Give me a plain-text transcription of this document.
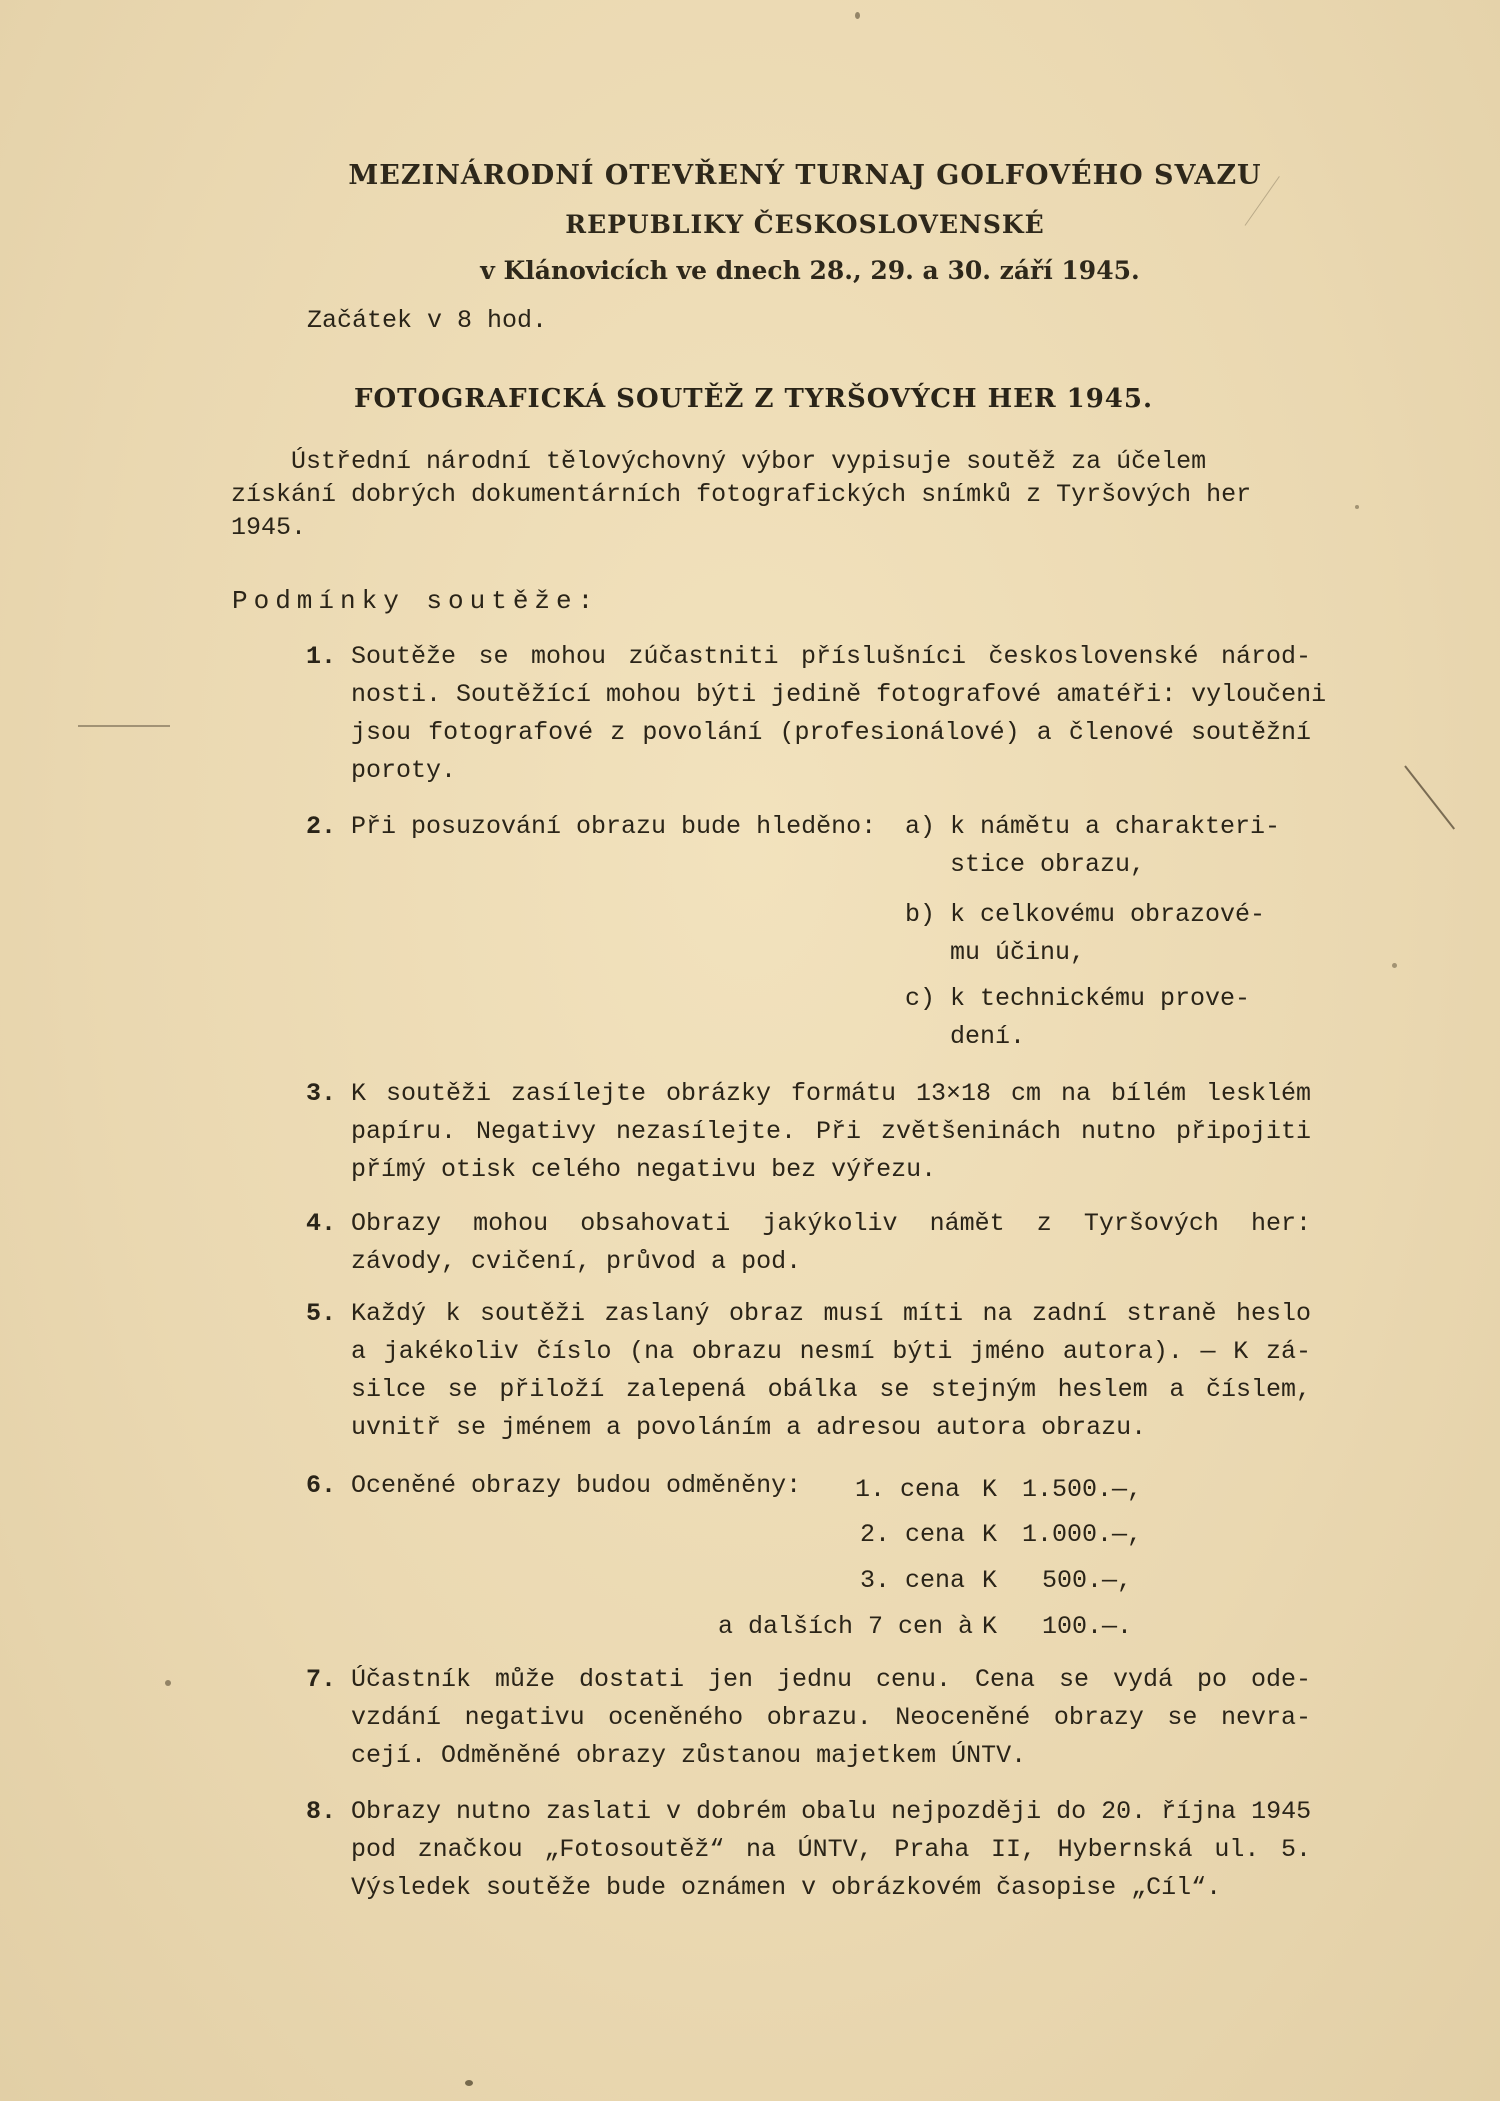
MEZINÁRODNÍ OTEVŘENÝ TURNAJ GOLFOVÉHO SVAZU
REPUBLIKY ČESKOSLOVENSKÉ
v Klánovicích ve dnech 28., 29. a 30. září 1945.
Začátek v 8 hod.
FOTOGRAFICKÁ SOUTĚŽ Z TYRŠOVÝCH HER 1945.
Ústřední národní tělovýchovný výbor vypisuje soutěž za účelem
získání dobrých dokumentárních fotografických snímků z Tyršových her
1945.
Podmínky soutěže:
1. Soutěže se mohou zúčastniti příslušníci československé národ-
nosti. Soutěžící mohou býti jedině fotografové amatéři: vyloučeni
jsou fotografové z povolání (profesionálové) a členové soutěžní
poroty.
2. Při posuzování obrazu bude hleděno:	a) k námětu a charakteri-
stice obrazu,
b) k celkovému obrazové-
mu účinu,
c) k technickému prove-
dení.
3. K soutěži zasílejte obrázky formátu 13×18 cm na bílém lesklém
papíru. Negativy nezasílejte. Při zvětšeninách nutno připojiti
přímý otisk celého negativu bez výřezu.
4. Obrazy mohou obsahovati jakýkoliv námět z Tyršových her:
závody, cvičení, průvod a pod.
5. Každý k soutěži zaslaný obraz musí míti na zadní straně heslo
a jakékoliv číslo (na obrazu nesmí býti jméno autora). — K zá-
silce se přiloží zalepená obálka se stejným heslem a číslem,
uvnitř se jménem a povoláním a adresou autora obrazu.
6. Oceněné obrazy budou odměněny:	1. cena K 1.500.—,
2. cena K 1.000.—,
3. cena K 500.—,
a dalších 7 cen à K 100.—.
7. Účastník může dostati jen jednu cenu. Cena se vydá po ode-
vzdání negativu oceněného obrazu. Neoceněné obrazy se nevra-
cejí. Odměněné obrazy zůstanou majetkem ÚNTV.
8. Obrazy nutno zaslati v dobrém obalu nejpozději do 20. října 1945
pod značkou „Fotosoutěž“ na ÚNTV, Praha II, Hybernská ul. 5.
Výsledek soutěže bude oznámen v obrázkovém časopise „Cíl“.
